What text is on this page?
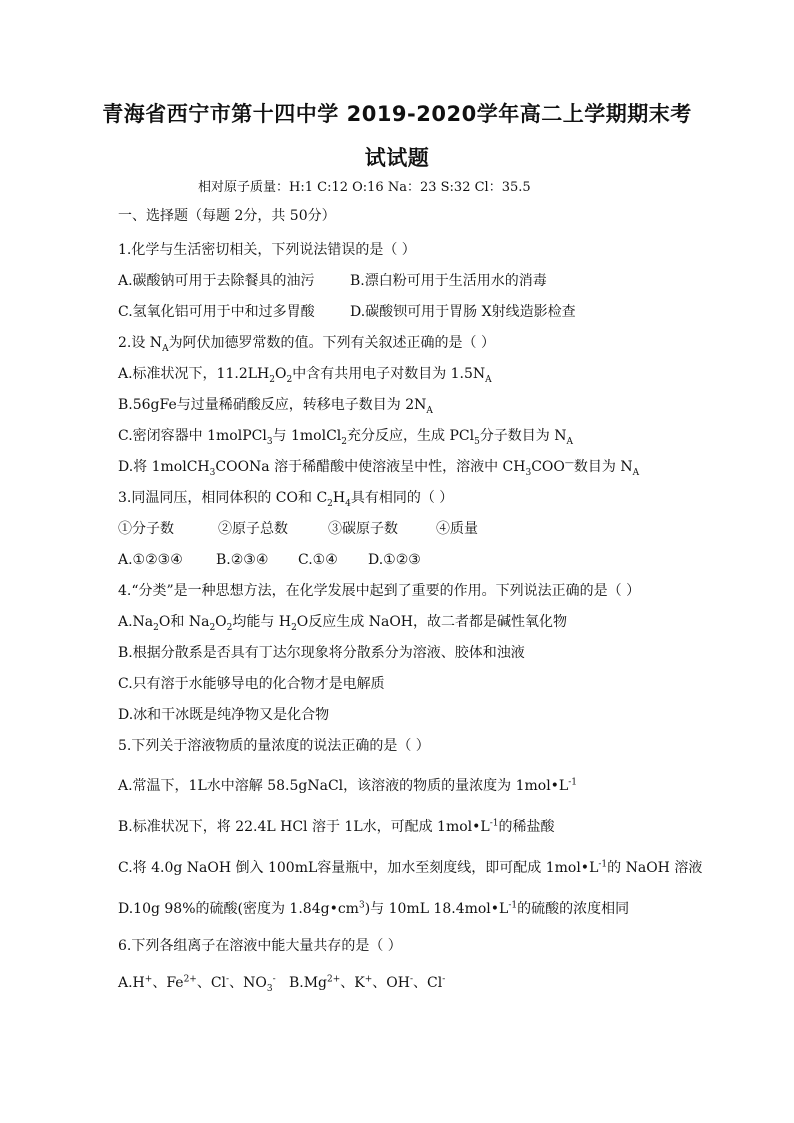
青海省西宁市第十四中学 2019-2020学年高二上学期期末考
试试题
相对原子质量：H:1 C:12 O:16 Na：23 S:32 Cl：35.5
一、选择题（每题 2分，共 50分）
1.化学与生活密切相关，下列说法错误的是（ ）
A.碳酸钠可用于去除餐具的油污	B.漂白粉可用于生活用水的消毒
C.氢氧化铝可用于中和过多胃酸	D.碳酸钡可用于胃肠 X射线造影检查
2.设 $N_A$为阿伏加德罗常数的值。下列有关叙述正确的是（ ）
A.标准状况下，$11.2LH_2O_2$中含有共用电子对数目为 $1.5N_A$
B.56gFe与过量稀硝酸反应，转移电子数目为 $2N_A$
C.密闭容器中 1molPCl$_3$与 1molCl$_2$充分反应，生成 PCl$_5$分子数目为 $N_A$
D.将 1molCH$_3$COONa 溶于稀醋酸中使溶液呈中性，溶液中 $CH_3COO^—$数目为 $N_A$
3.同温同压，相同体积的 CO和 $C_2H_4$具有相同的（ ）
①分子数	②原子总数	③碳原子数	④质量
A.①②③④ B.②③④ C.①④ D.①②③
4.“分类”是一种思想方法，在化学发展中起到了重要的作用。下列说法正确的是（ ）
$A.Na_2O$和 $Na_2O_2$均能与 $H_2O$反应生成 NaOH，故二者都是碱性氧化物
B.根据分散系是否具有丁达尔现象将分散系分为溶液、胶体和浊液
C.只有溶于水能够导电的化合物才是电解质
D.冰和干冰既是纯净物又是化合物
5.下列关于溶液物质的量浓度的说法正确的是（ ）
A.常温下，1L水中溶解 58.5gNaCl，该溶液的物质的量浓度为 $1mol•L^{-1}$
B.标准状况下，将 22.4L HCl 溶于 1L水，可配成 $1mol•L^{-1}$的稀盐酸
C.将 4.0g NaOH 倒入 100mL容量瓶中，加水至刻度线，即可配成 $1mol•L^{-1}$的 NaOH 溶液
D.10g 98%的硫酸(密度为 $1.84g•cm^3$)与 10mL $18.4mol•L^{-1}$的硫酸的浓度相同
6.下列各组离子在溶液中能大量共存的是（ ）
A.H+、$Fe^{2+}$、Cl-、$NO_3^-$   $B.Mg^{2+}$、K+、OH-、Cl-
